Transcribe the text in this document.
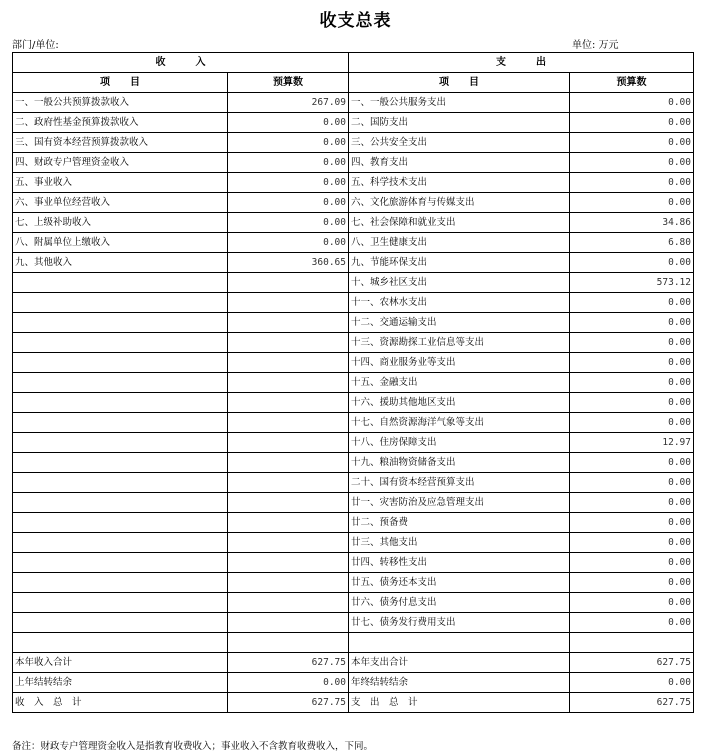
收支总表
部门/单位:	单位: 万元
收　　　入		支　　　出	
项　　目	预算数	项　　目	预算数
一、一般公共预算拨款收入	267.09	一、一般公共服务支出	0.00
二、政府性基金预算拨款收入	0.00	二、国防支出	0.00
三、国有资本经营预算拨款收入	0.00	三、公共安全支出	0.00
四、财政专户管理资金收入	0.00	四、教育支出	0.00
五、事业收入	0.00	五、科学技术支出	0.00
六、事业单位经营收入	0.00	六、文化旅游体育与传媒支出	0.00
七、上级补助收入	0.00	七、社会保障和就业支出	34.86
八、附属单位上缴收入	0.00	八、卫生健康支出	6.80
九、其他收入	360.65	九、节能环保支出	0.00
		十、城乡社区支出	573.12
		十一、农林水支出	0.00
		十二、交通运输支出	0.00
		十三、资源勘探工业信息等支出	0.00
		十四、商业服务业等支出	0.00
		十五、金融支出	0.00
		十六、援助其他地区支出	0.00
		十七、自然资源海洋气象等支出	0.00
		十八、住房保障支出	12.97
		十九、粮油物资储备支出	0.00
		二十、国有资本经营预算支出	0.00
		廿一、灾害防治及应急管理支出	0.00
		廿二、预备费	0.00
		廿三、其他支出	0.00
		廿四、转移性支出	0.00
		廿五、债务还本支出	0.00
		廿六、债务付息支出	0.00
		廿七、债务发行费用支出	0.00

本年收入合计	627.75	本年支出合计	627.75
上年结转结余	0.00	年终结转结余	0.00
收　入　总　计	627.75	支　出　总　计	627.75
备注：财政专户管理资金收入是指教育收费收入；事业收入不含教育收费收入，下同。
